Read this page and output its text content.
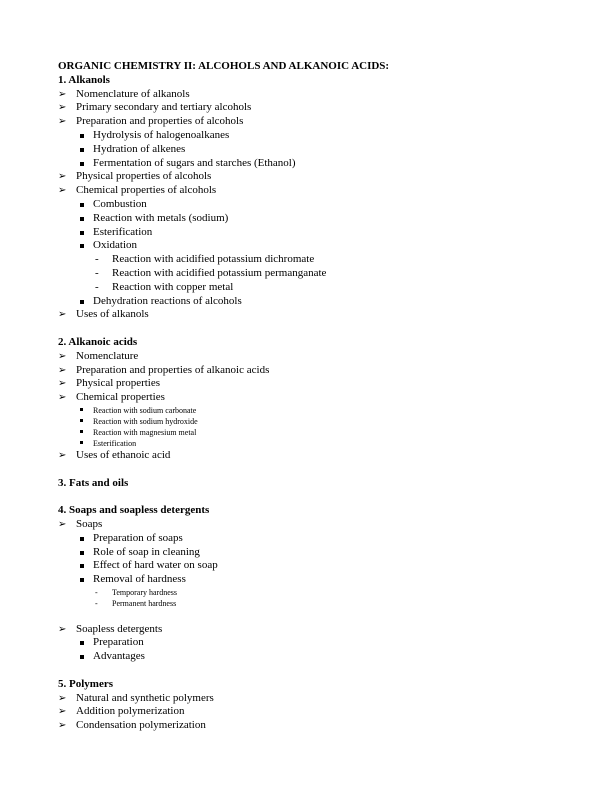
ORGANIC CHEMISTRY II: ALCOHOLS AND ALKANOIC ACIDS:
1. Alkanols
➢ Nomenclature of alkanols
➢ Primary secondary and tertiary alcohols
➢ Preparation and properties of alcohols
Hydrolysis of halogenoalkanes
Hydration of alkenes
Fermentation of sugars and starches (Ethanol)
➢ Physical properties of alcohols
➢ Chemical properties of alcohols
Combustion
Reaction with metals (sodium)
Esterification
Oxidation
- Reaction with acidified potassium dichromate
- Reaction with acidified potassium permanganate
- Reaction with copper metal
Dehydration reactions of alcohols
➢ Uses of alkanols
2. Alkanoic acids
➢ Nomenclature
➢ Preparation and properties of alkanoic acids
➢ Physical properties
➢ Chemical properties
Reaction with sodium carbonate
Reaction with sodium hydroxide
Reaction with magnesium metal
Esterification
➢ Uses of ethanoic acid
3. Fats and oils
4. Soaps and soapless detergents
➢ Soaps
Preparation of soaps
Role of soap in cleaning
Effect of hard water on soap
Removal of hardness
- Temporary hardness
- Permanent hardness
➢ Soapless detergents
Preparation
Advantages
5. Polymers
➢ Natural and synthetic polymers
➢ Addition polymerization
➢ Condensation polymerization
